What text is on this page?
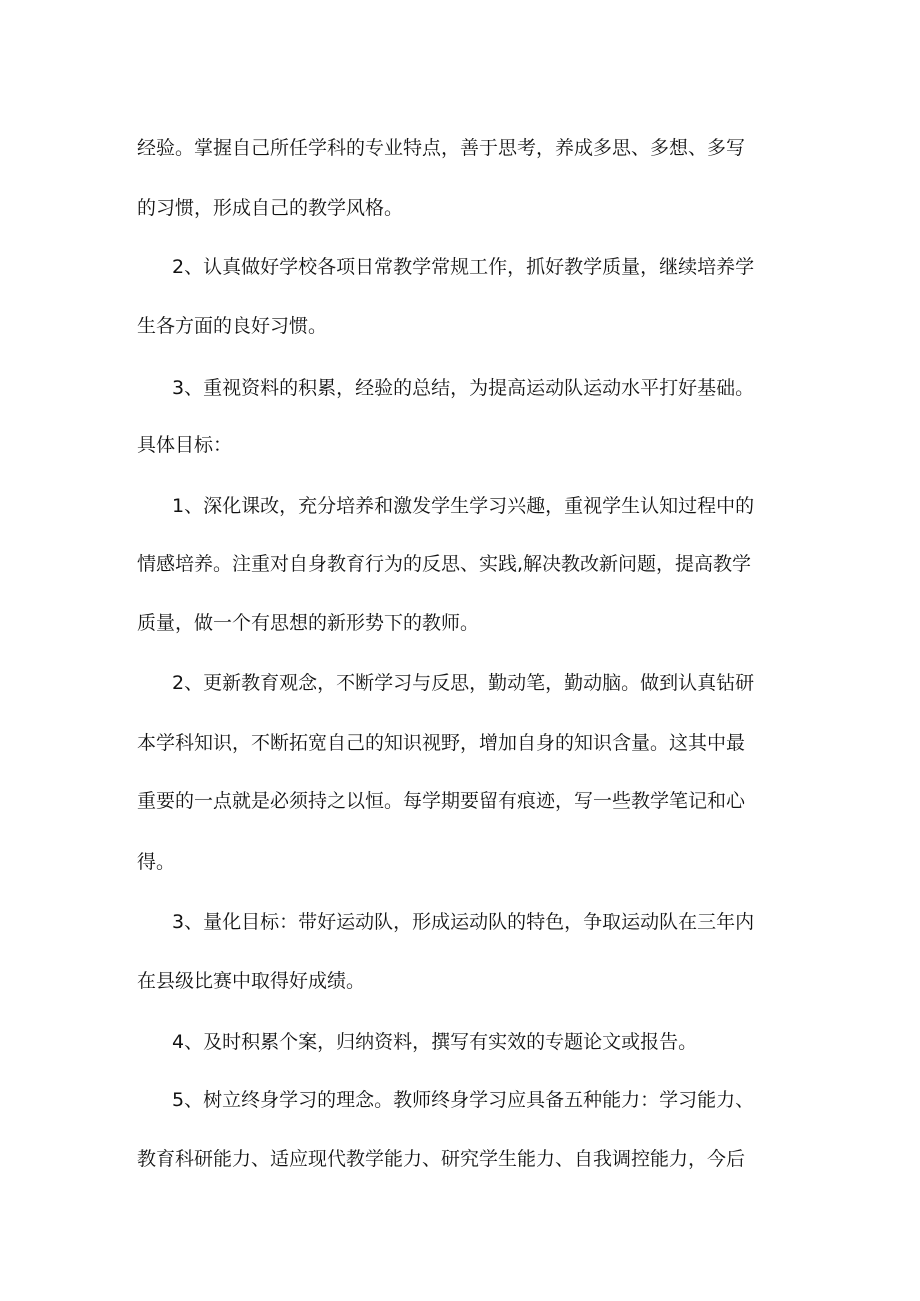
经验。掌握自己所任学科的专业特点，善于思考，养成多思、多想、多写
的习惯，形成自己的教学风格。
2、认真做好学校各项日常教学常规工作，抓好教学质量，继续培养学
生各方面的良好习惯。
3、重视资料的积累，经验的总结，为提高运动队运动水平打好基础。
具体目标：
1、深化课改，充分培养和激发学生学习兴趣，重视学生认知过程中的
情感培养。注重对自身教育行为的反思、实践,解决教改新问题，提高教学
质量，做一个有思想的新形势下的教师。
2、更新教育观念，不断学习与反思，勤动笔，勤动脑。做到认真钻研
本学科知识，不断拓宽自己的知识视野，增加自身的知识含量。这其中最
重要的一点就是必须持之以恒。每学期要留有痕迹，写一些教学笔记和心
得。
3、量化目标：带好运动队，形成运动队的特色，争取运动队在三年内
在县级比赛中取得好成绩。
4、及时积累个案，归纳资料，撰写有实效的专题论文或报告。
5、树立终身学习的理念。教师终身学习应具备五种能力：学习能力、
教育科研能力、适应现代教学能力、研究学生能力、自我调控能力，今后
